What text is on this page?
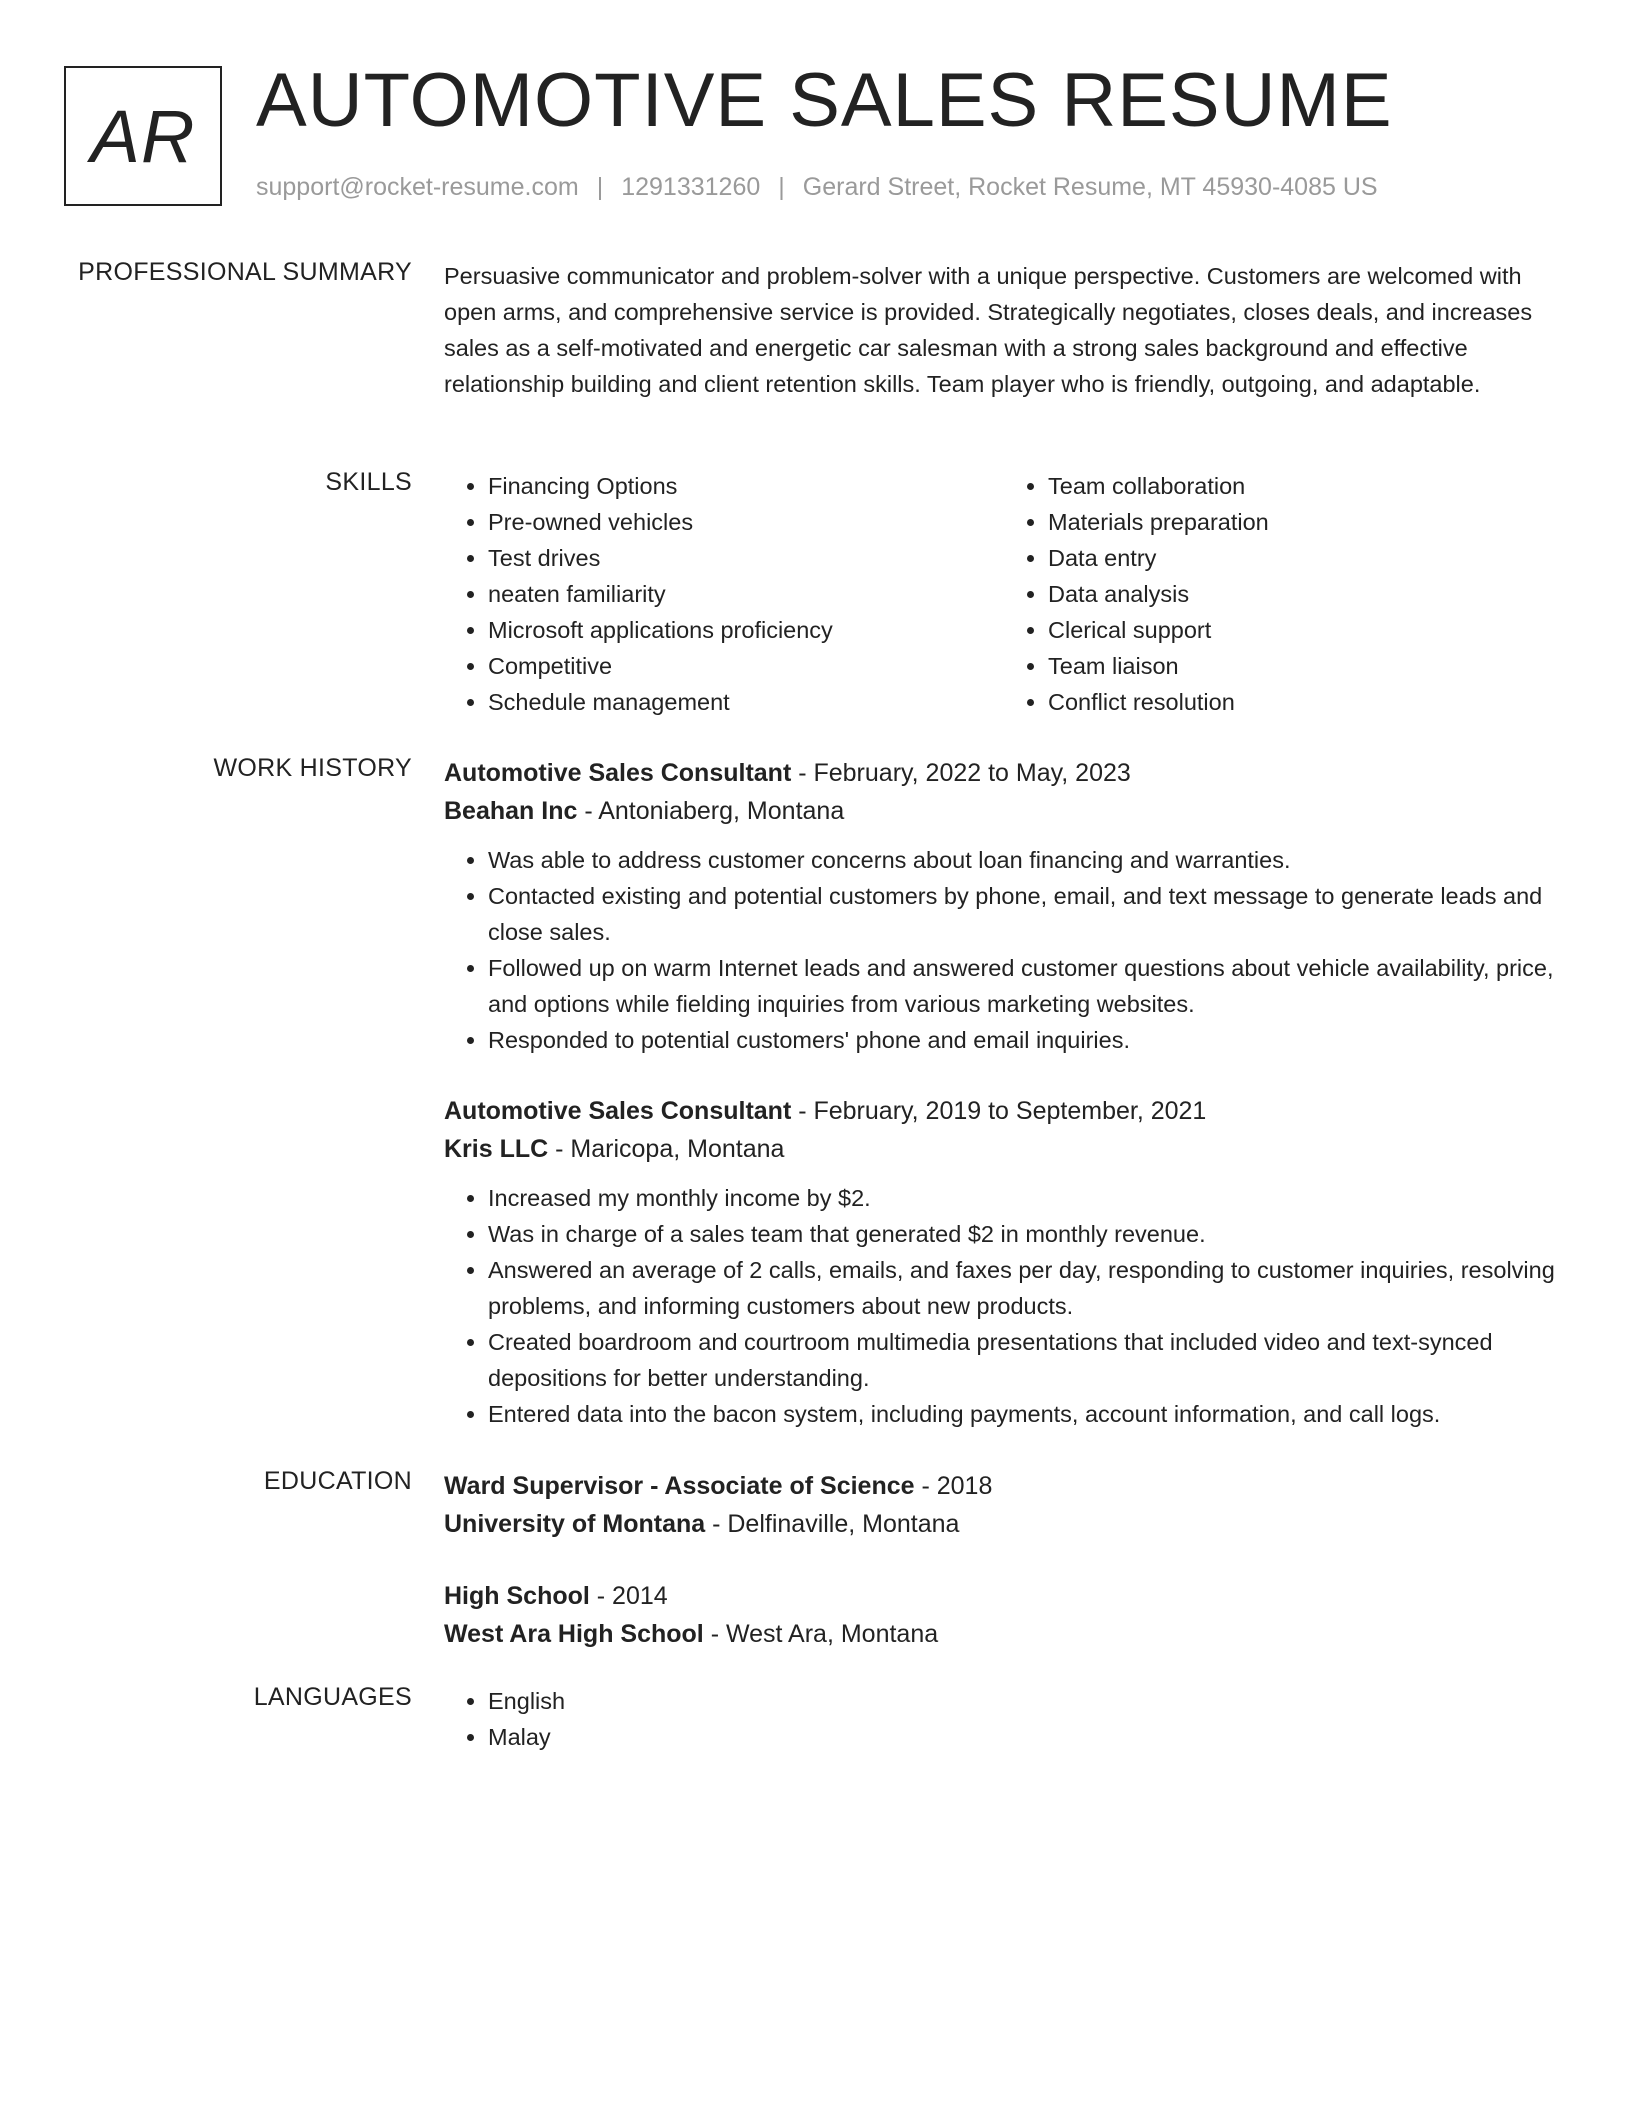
AR AUTOMOTIVE SALES RESUME
support@rocket-resume.com | 1291331260 | Gerard Street, Rocket Resume, MT 45930-4085 US
PROFESSIONAL SUMMARY Persuasive communicator and problem-solver with a unique perspective. Customers are welcomed with open arms, and comprehensive service is provided. Strategically negotiates, closes deals, and increases sales as a self-motivated and energetic car salesman with a strong sales background and effective relationship building and client retention skills. Team player who is friendly, outgoing, and adaptable.

SKILLS	• Financing Options
• Pre-owned vehicles
• Test drives
• neaten familiarity
• Microsoft applications proficiency
• Competitive
• Schedule management
• Team collaboration
• Materials preparation
• Data entry
• Data analysis
• Clerical support
• Team liaison
• Conflict resolution
WORK HISTORY Automotive Sales Consultant - February, 2022 to May, 2023
Beahan Inc - Antoniaberg, Montana
• Was able to address customer concerns about loan financing and warranties.
• Contacted existing and potential customers by phone, email, and text message to generate leads and close sales.
• Followed up on warm Internet leads and answered customer questions about vehicle availability, price, and options while fielding inquiries from various marketing websites.
• Responded to potential customers' phone and email inquiries.
Automotive Sales Consultant - February, 2019 to September, 2021
Kris LLC - Maricopa, Montana
• Increased my monthly income by $2.
• Was in charge of a sales team that generated $2 in monthly revenue.
• Answered an average of 2 calls, emails, and faxes per day, responding to customer inquiries, resolving problems, and informing customers about new products.
• Created boardroom and courtroom multimedia presentations that included video and text-synced depositions for better understanding.
• Entered data into the bacon system, including payments, account information, and call logs.
EDUCATION Ward Supervisor - Associate of Science - 2018
University of Montana - Delfinaville, Montana
High School - 2014
West Ara High School - West Ara, Montana
LANGUAGES	• English
• Malay
